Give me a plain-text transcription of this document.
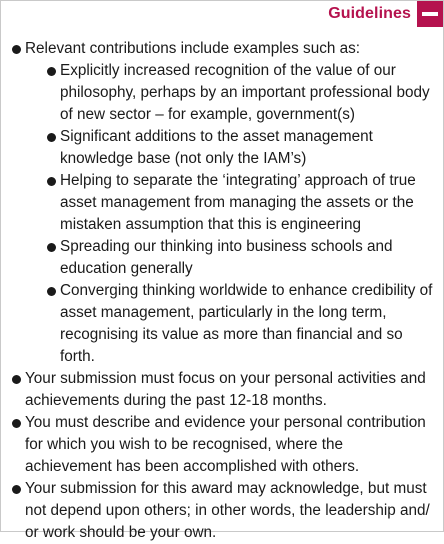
Guidelines
Relevant contributions include examples such as:
Explicitly increased recognition of the value of our philosophy, perhaps by an important professional body of new sector – for example, government(s)
Significant additions to the asset management knowledge base (not only the IAM’s)
Helping to separate the ‘integrating’ approach of true asset management from managing the assets or the mistaken assumption that this is engineering
Spreading our thinking into business schools and education generally
Converging thinking worldwide to enhance credibility of asset management, particularly in the long term, recognising its value as more than financial and so forth.
Your submission must focus on your personal activities and achievements during the past 12-18 months.
You must describe and evidence your personal contribution for which you wish to be recognised, where the achievement has been accomplished with others.
Your submission for this award may acknowledge, but must not depend upon others; in other words, the leadership and/ or work should be your own.
